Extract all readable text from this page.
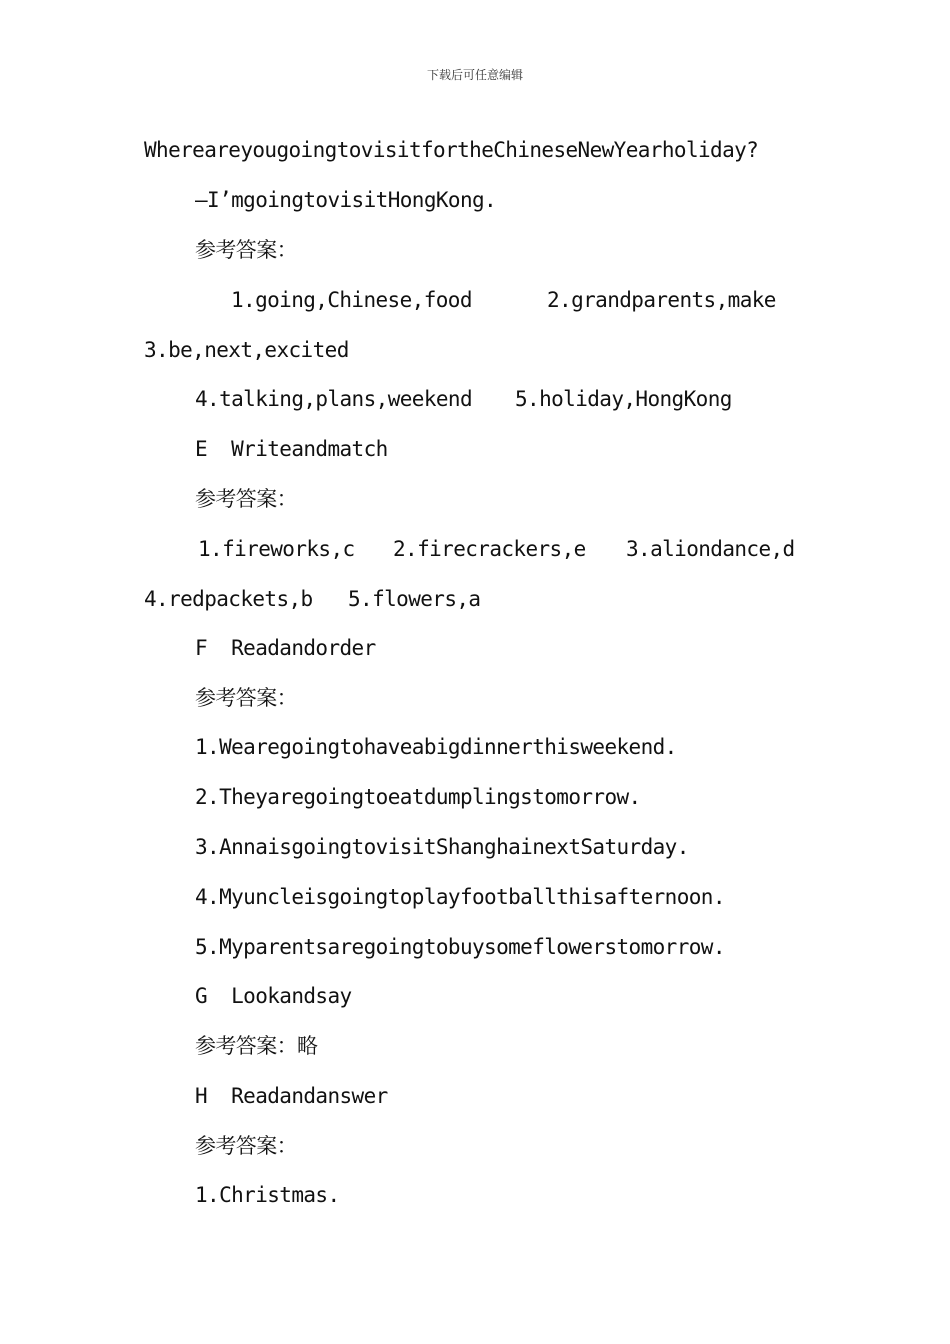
下载后可任意编辑
WhereareyougoingtovisitfortheChineseNewYearholiday?
—I’mgoingtovisitHongKong.
参考答案：
1.going,Chinese,food	2.grandparents,make
3.be,next,excited
4.talking,plans,weekend 5.holiday,HongKong
E  Writeandmatch
参考答案：
1.fireworks,c 2.firecrackers,e 3.aliondance,d
4.redpackets,b 5.flowers,a
F  Readandorder
参考答案：
1.Wearegoingtohaveabigdinnerthisweekend.
2.Theyaregoingtoeatdumplingstomorrow.
3.AnnaisgoingtovisitShanghainextSaturday.
4.Myuncleisgoingtoplayfootballthisafternoon.
5.Myparentsaregoingtobuysomeflowerstomorrow.
G  Lookandsay
参考答案：略
H  Readandanswer
参考答案：
1.Christmas.
